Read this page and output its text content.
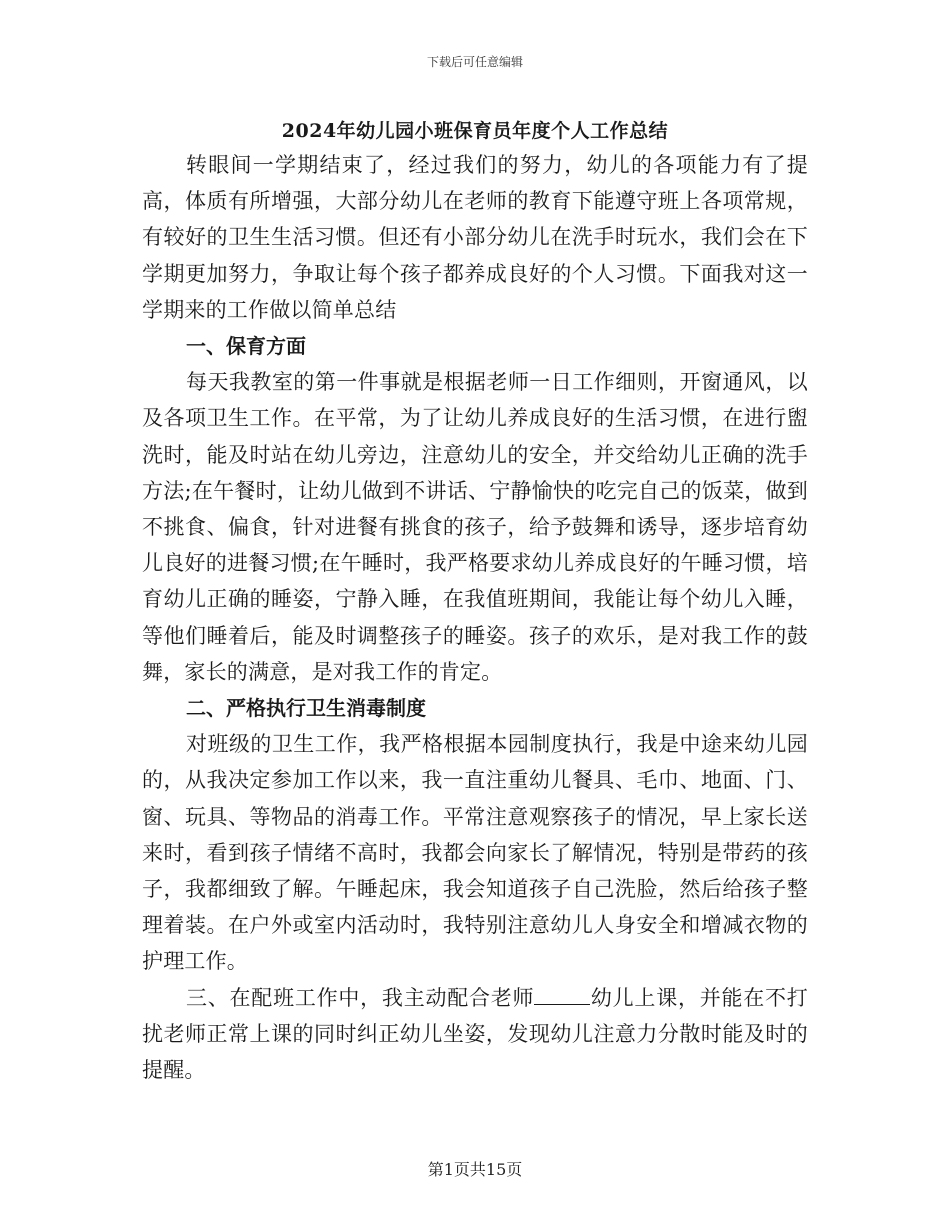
下载后可任意编辑
2024年幼儿园小班保育员年度个人工作总结

转眼间一学期结束了，经过我们的努力，幼儿的各项能力有了提高，体质有所增强，大部分幼儿在老师的教育下能遵守班上各项常规，有较好的卫生生活习惯。但还有小部分幼儿在洗手时玩水，我们会在下学期更加努力，争取让每个孩子都养成良好的个人习惯。下面我对这一学期来的工作做以简单总结

一、保育方面

每天我教室的第一件事就是根据老师一日工作细则，开窗通风，以及各项卫生工作。在平常，为了让幼儿养成良好的生活习惯，在进行盥洗时，能及时站在幼儿旁边，注意幼儿的安全，并交给幼儿正确的洗手方法;在午餐时，让幼儿做到不讲话、宁静愉快的吃完自己的饭菜，做到不挑食、偏食，针对进餐有挑食的孩子，给予鼓舞和诱导，逐步培育幼儿良好的进餐习惯;在午睡时，我严格要求幼儿养成良好的午睡习惯，培育幼儿正确的睡姿，宁静入睡，在我值班期间，我能让每个幼儿入睡，等他们睡着后，能及时调整孩子的睡姿。孩子的欢乐，是对我工作的鼓舞，家长的满意，是对我工作的肯定。

二、严格执行卫生消毒制度

对班级的卫生工作，我严格根据本园制度执行，我是中途来幼儿园的，从我决定参加工作以来，我一直注重幼儿餐具、毛巾、地面、门、窗、玩具、等物品的消毒工作。平常注意观察孩子的情况，早上家长送来时，看到孩子情绪不高时，我都会向家长了解情况，特别是带药的孩子，我都细致了解。午睡起床，我会知道孩子自己洗脸，然后给孩子整理着装。在户外或室内活动时，我特别注意幼儿人身安全和增减衣物的护理工作。

三、在配班工作中，我主动配合老师	幼儿上课，并能在不打扰老师正常上课的同时纠正幼儿坐姿，发现幼儿注意力分散时能及时的提醒。

第1页共15页
